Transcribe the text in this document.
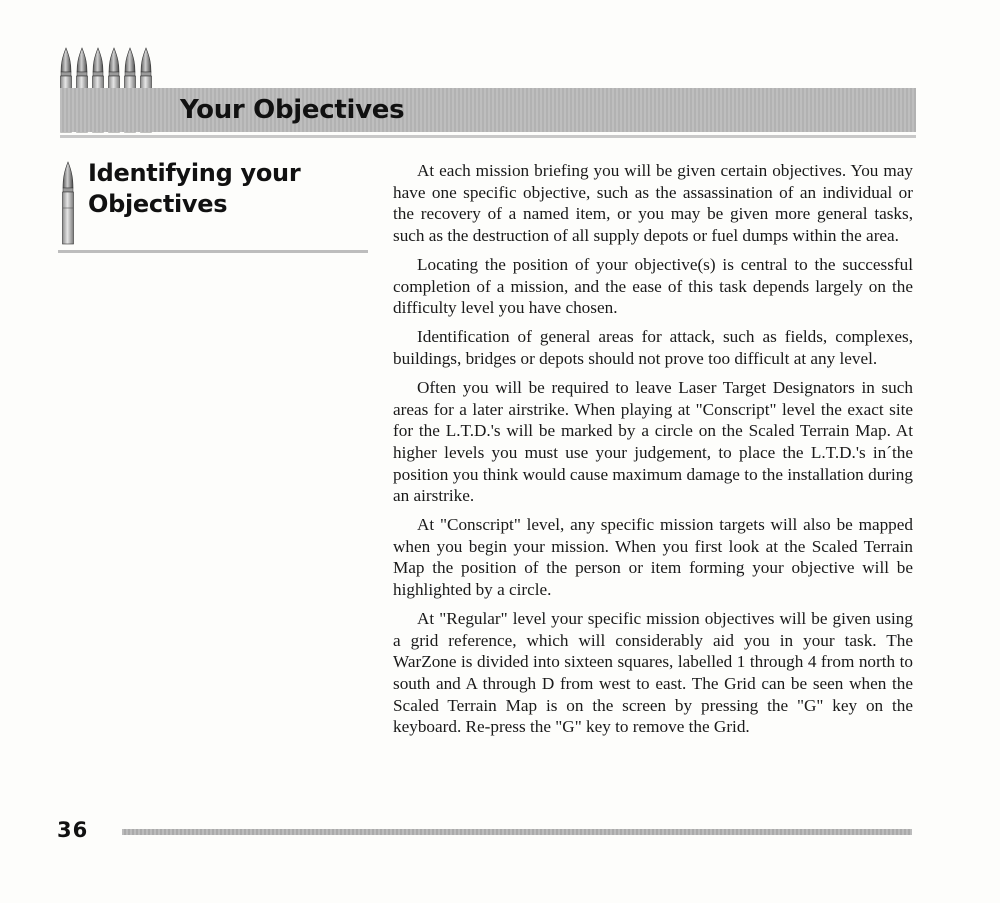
Your Objectives
Identifying your
Objectives

At each mission briefing you will be given certain objectives. You may have one specific objective, such as the assassination of an individual or the recovery of a named item, or you may be given more general tasks, such as the destruction of all supply depots or fuel dumps within the area.

Locating the position of your objective(s) is central to the successful completion of a mission, and the ease of this task depends largely on the difficulty level you have chosen.

Identification of general areas for attack, such as fields, complexes, buildings, bridges or depots should not prove too difficult at any level.

Often you will be required to leave Laser Target Designators in such areas for a later airstrike. When playing at "Conscript" level the exact site for the L.T.D.'s will be marked by a circle on the Scaled Terrain Map. At higher levels you must use your judgement, to place the L.T.D.'s in´the position you think would cause maximum damage to the installation during an airstrike.

At "Conscript" level, any specific mission targets will also be mapped when you begin your mission. When you first look at the Scaled Terrain Map the position of the person or item forming your objective will be highlighted by a circle.

At "Regular" level your specific mission objectives will be given using a grid reference, which will considerably aid you in your task. The WarZone is divided into sixteen squares, labelled 1 through 4 from north to south and A through D from west to east. The Grid can be seen when the Scaled Terrain Map is on the screen by pressing the "G" key on the keyboard. Re-press the "G" key to remove the Grid.

36
